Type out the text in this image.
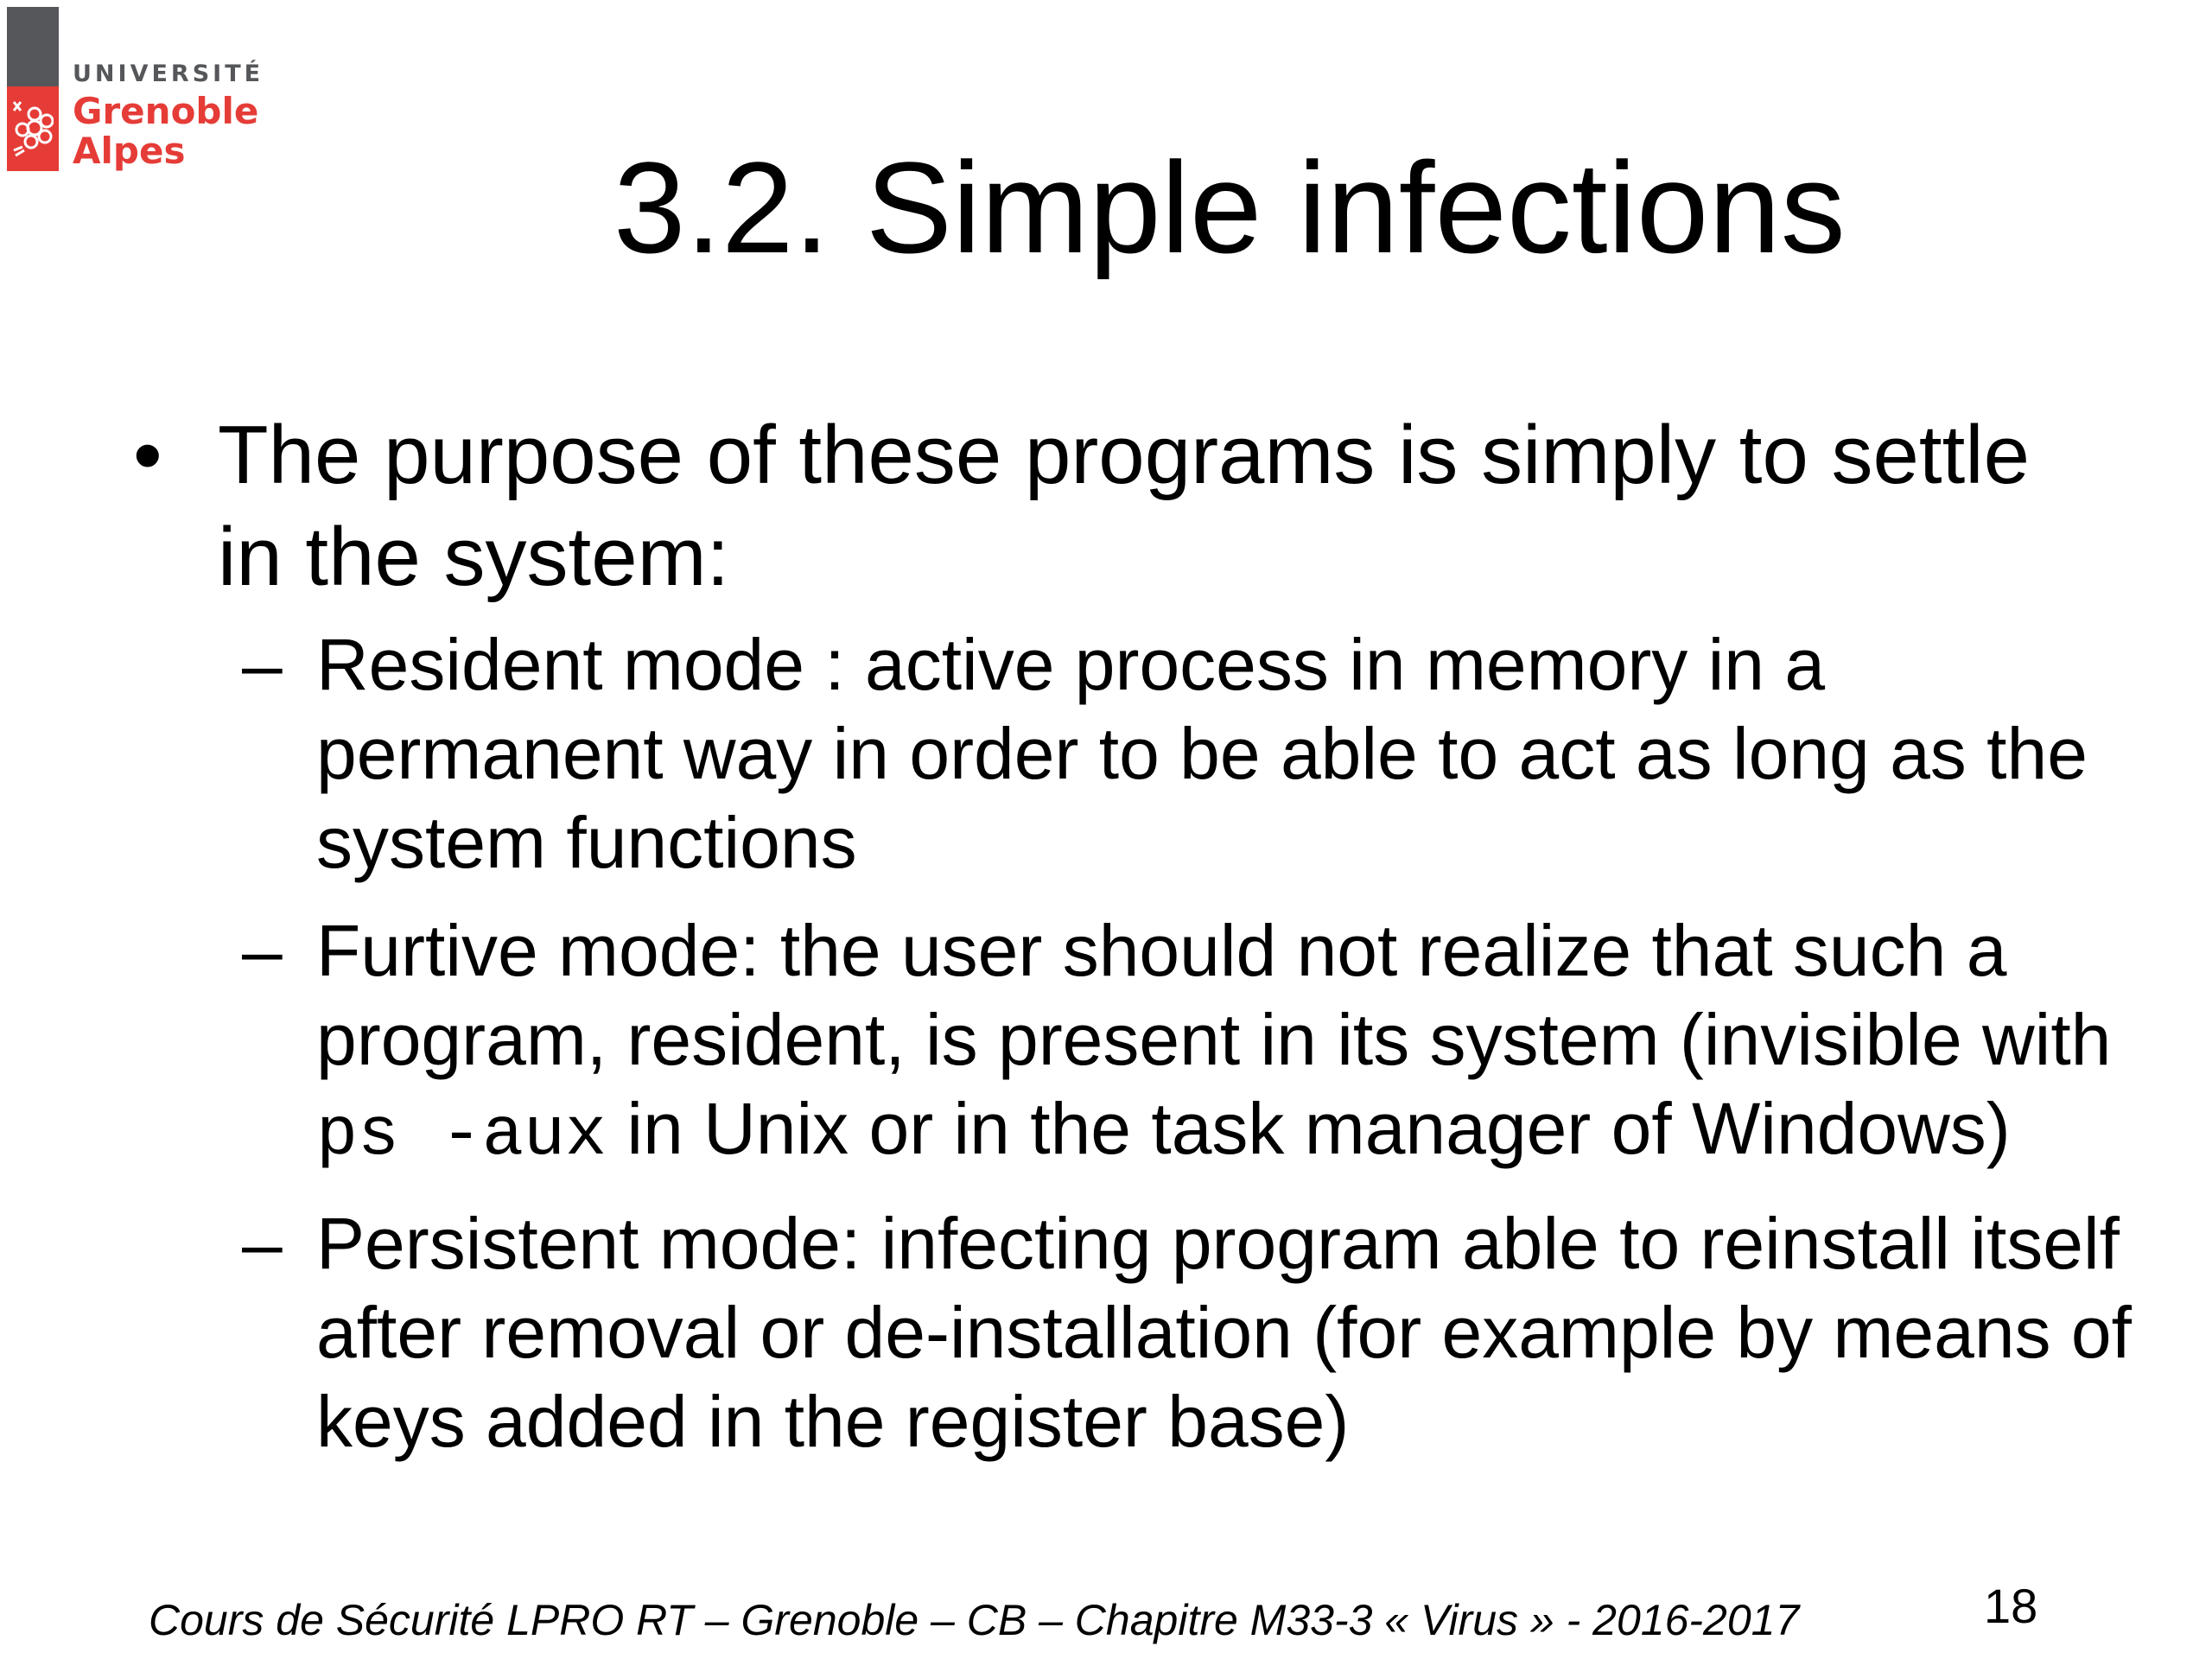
UNIVERSITÉ
Grenoble
Alpes	3.2. Simple infections
• The purpose of these programs is simply to settle in the system:
– Resident mode : active process in memory in a permanent way in order to be able to act as long as the system functions
– Furtive mode: the user should not realize that such a program, resident, is present in its system (invisible with ps -aux in Unix or in the task manager of Windows)
– Persistent mode: infecting program able to reinstall itself after removal or de-installation (for example by means of keys added in the register base)
Cours de Sécurité LPRO RT – Grenoble – CB – Chapitre M33-3 « Virus » - 2016-2017	18
